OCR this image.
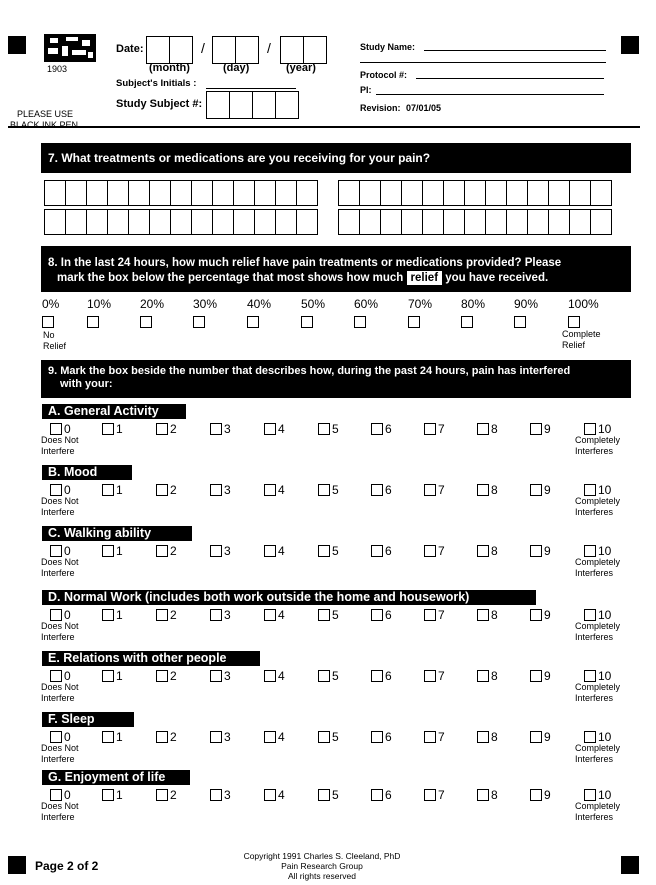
1903
PLEASE USE
BLACK INK PEN
Date:	/	/
(month)	(day)	(year)
Subject's Initials :
Study Subject #:
Study Name:
Protocol #:
PI:
Revision: 07/01/05
7. What treatments or medications are you receiving for your pain?
8. In the last 24 hours, how much relief have pain treatments or medications provided? Please
mark the box below the percentage that most shows how much relief you have received.
No
Relief
Complete
Relief
9. Mark the box beside the number that describes how, during the past 24 hours, pain has interfered
with your:
Page 2 of 2
Copyright 1991 Charles S. Cleeland, PhD
Pain Research Group
All rights reserved
0% 10% 20% 30% 40% 50% 60% 70% 80% 90% 100%
A. General Activity
0	1	2	3	4	5	6	7	8	9	10
Does Not
Interfere
Completely
Interferes
B. Mood
0	1	2	3	4	5	6	7	8	9	10
Does Not
Interfere
Completely
Interferes
C. Walking ability
0	1	2	3	4	5	6	7	8	9	10
Does Not
Interfere
Completely
Interferes
D. Normal Work (includes both work outside the home and housework)
0	1	2	3	4	5	6	7	8	9	10
Does Not
Interfere
Completely
Interferes
E. Relations with other people
0	1	2	3	4	5	6	7	8	9	10
Does Not
Interfere
Completely
Interferes
F. Sleep
0	1	2	3	4	5	6	7	8	9	10
Does Not
Interfere
Completely
Interferes
G. Enjoyment of life
0	1	2	3	4	5	6	7	8	9	10
Does Not
Interfere
Completely
Interferes
